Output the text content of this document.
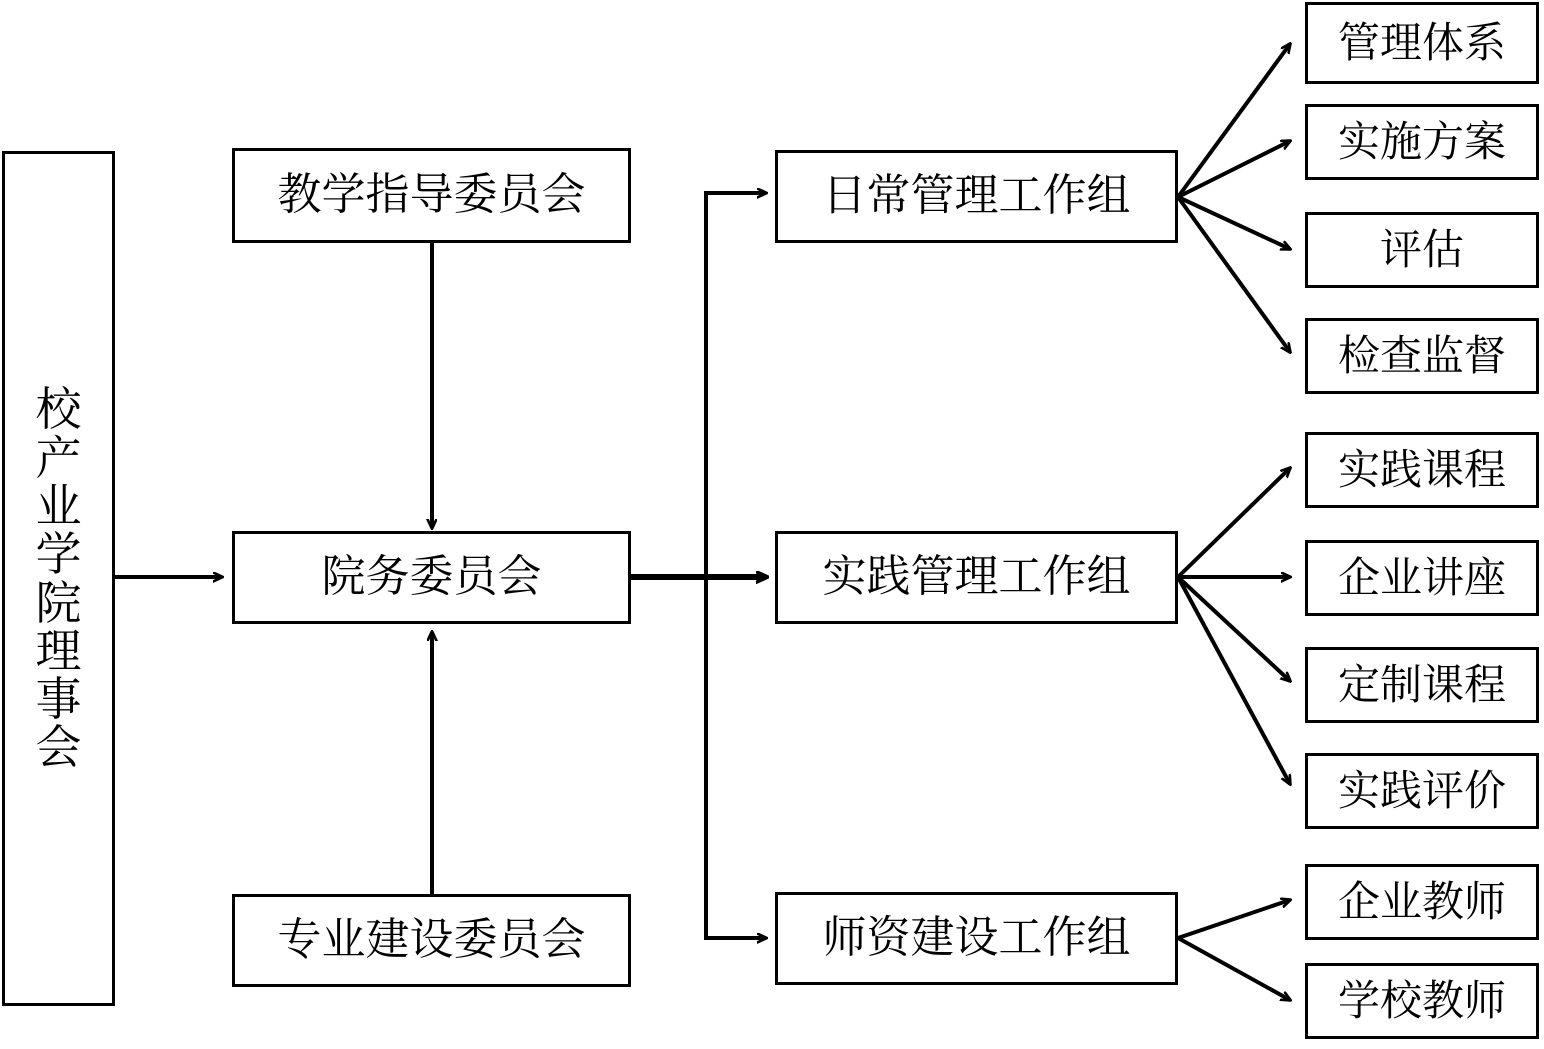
校
产
业
学
院
理
事
会
教学指导委员会
院务委员会
专业建设委员会
日常管理工作组
实践管理工作组
师资建设工作组
管理体系
实施方案
评估
检查监督
实践课程
企业讲座
定制课程
实践评价
企业教师
学校教师
